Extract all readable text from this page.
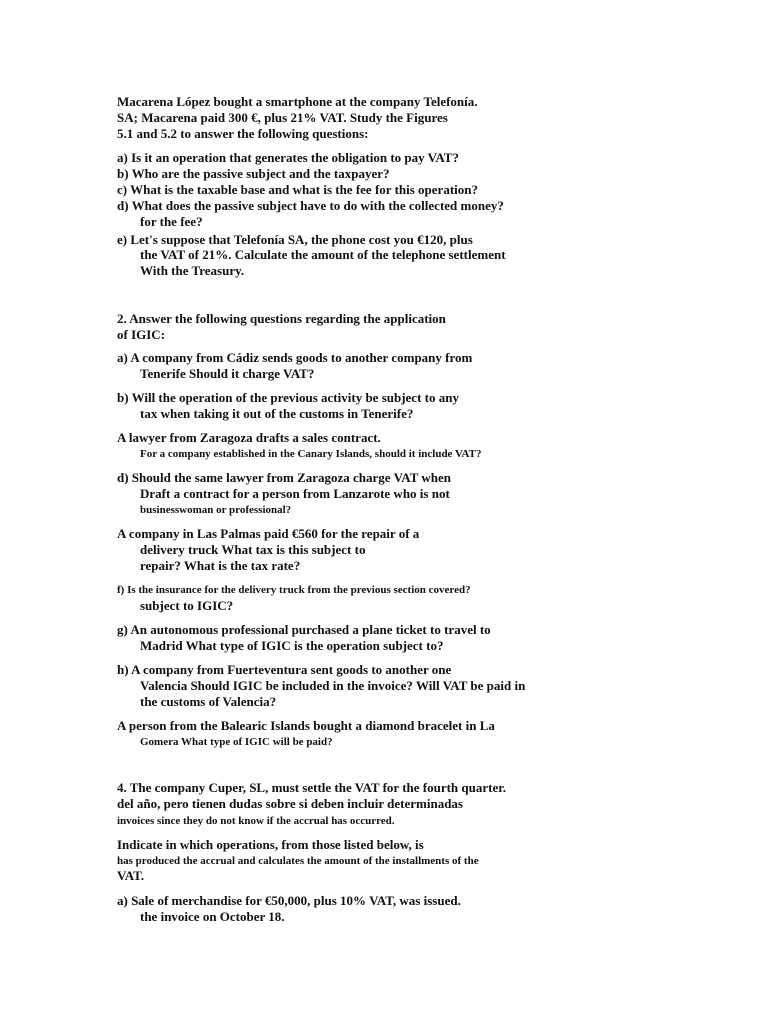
Macarena López bought a smartphone at the company Telefonía.
SA; Macarena paid 300 €, plus 21% VAT. Study the Figures
5.1 and 5.2 to answer the following questions:
a) Is it an operation that generates the obligation to pay VAT?
b) Who are the passive subject and the taxpayer?
c) What is the taxable base and what is the fee for this operation?
d) What does the passive subject have to do with the collected money?
for the fee?
e) Let's suppose that Telefonía SA, the phone cost you €120, plus
the VAT of 21%. Calculate the amount of the telephone settlement
With the Treasury.
2. Answer the following questions regarding the application
of IGIC:
a) A company from Cádiz sends goods to another company from
Tenerife Should it charge VAT?
b) Will the operation of the previous activity be subject to any
tax when taking it out of the customs in Tenerife?
A lawyer from Zaragoza drafts a sales contract.
For a company established in the Canary Islands, should it include VAT?
d) Should the same lawyer from Zaragoza charge VAT when
Draft a contract for a person from Lanzarote who is not
businesswoman or professional?
A company in Las Palmas paid €560 for the repair of a
delivery truck What tax is this subject to
repair? What is the tax rate?
f) Is the insurance for the delivery truck from the previous section covered?
subject to IGIC?
g) An autonomous professional purchased a plane ticket to travel to
Madrid What type of IGIC is the operation subject to?
h) A company from Fuerteventura sent goods to another one
Valencia Should IGIC be included in the invoice? Will VAT be paid in
the customs of Valencia?
A person from the Balearic Islands bought a diamond bracelet in La
Gomera What type of IGIC will be paid?
4. The company Cuper, SL, must settle the VAT for the fourth quarter.
del año, pero tienen dudas sobre si deben incluir determinadas
invoices since they do not know if the accrual has occurred.
Indicate in which operations, from those listed below, is
has produced the accrual and calculates the amount of the installments of the
VAT.
a) Sale of merchandise for €50,000, plus 10% VAT, was issued.
the invoice on October 18.
